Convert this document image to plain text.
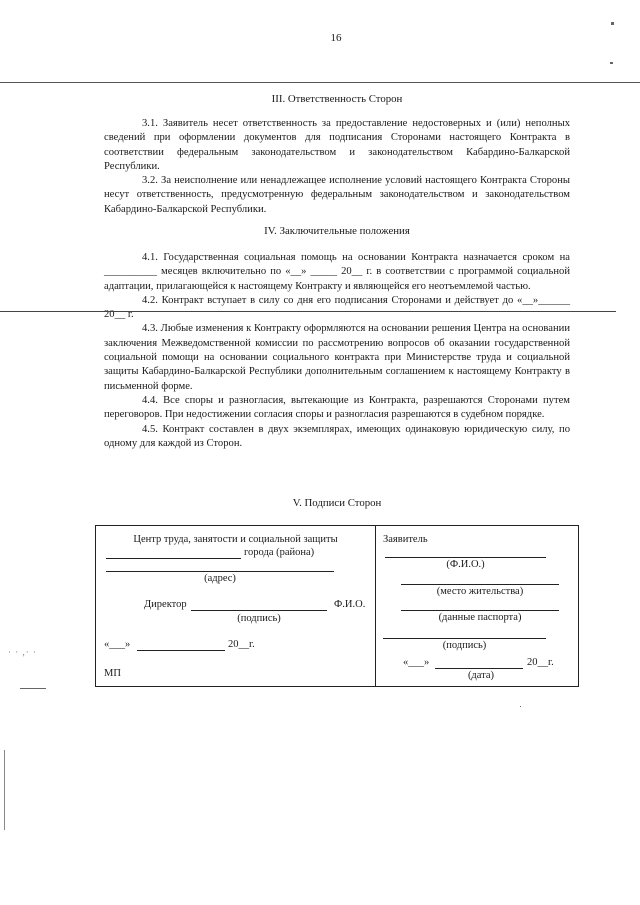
16
III. Ответственность Сторон

3.1. Заявитель несет ответственность за предоставление недостоверных и (или) неполных сведений при оформлении документов для подписания Сторонами настоящего Контракта в соответствии федеральным законодательством и законодательством Кабардино-Балкарской Республики.

3.2. За неисполнение или ненадлежащее исполнение условий настоящего Контракта Стороны несут ответственность, предусмотренную федеральным законодательством и законодательством Кабардино-Балкарской Республики.

IV. Заключительные положения

4.1. Государственная социальная помощь на основании Контракта назначается сроком на __________ месяцев включительно по «__» _____ 20__ г. в соответствии с программой социальной адаптации, прилагающейся к настоящему Контракту и являющейся его неотъемлемой частью.

4.2. Контракт вступает в силу со дня его подписания Сторонами и действует до «__»______ 20__ г.

4.3. Любые изменения к Контракту оформляются на основании решения Центра на основании заключения Межведомственной комиссии по рассмотрению вопросов об оказании государственной социальной помощи на основании социального контракта при Министерстве труда и социальной защиты Кабардино-Балкарской Республики дополнительным соглашением к настоящему Контракту в письменной форме.

4.4. Все споры и разногласия, вытекающие из Контракта, разрешаются Сторонами путем переговоров. При недостижении согласия споры и разногласия разрешаются в судебном порядке.

4.5. Контракт составлен в двух экземплярах, имеющих одинаковую юридическую силу, по одному для каждой из Сторон.

V. Подписи Сторон
Центр труда, занятости и социальной защиты
города (района)
(адрес)
Директор	Ф.И.О.
(подпись)
«___»	20__г.
МП
Заявитель
(Ф.И.О.)
(место жительства)
(данные паспорта)
(подпись)
«___»	20__г.
(дата)
· · ,· ·
